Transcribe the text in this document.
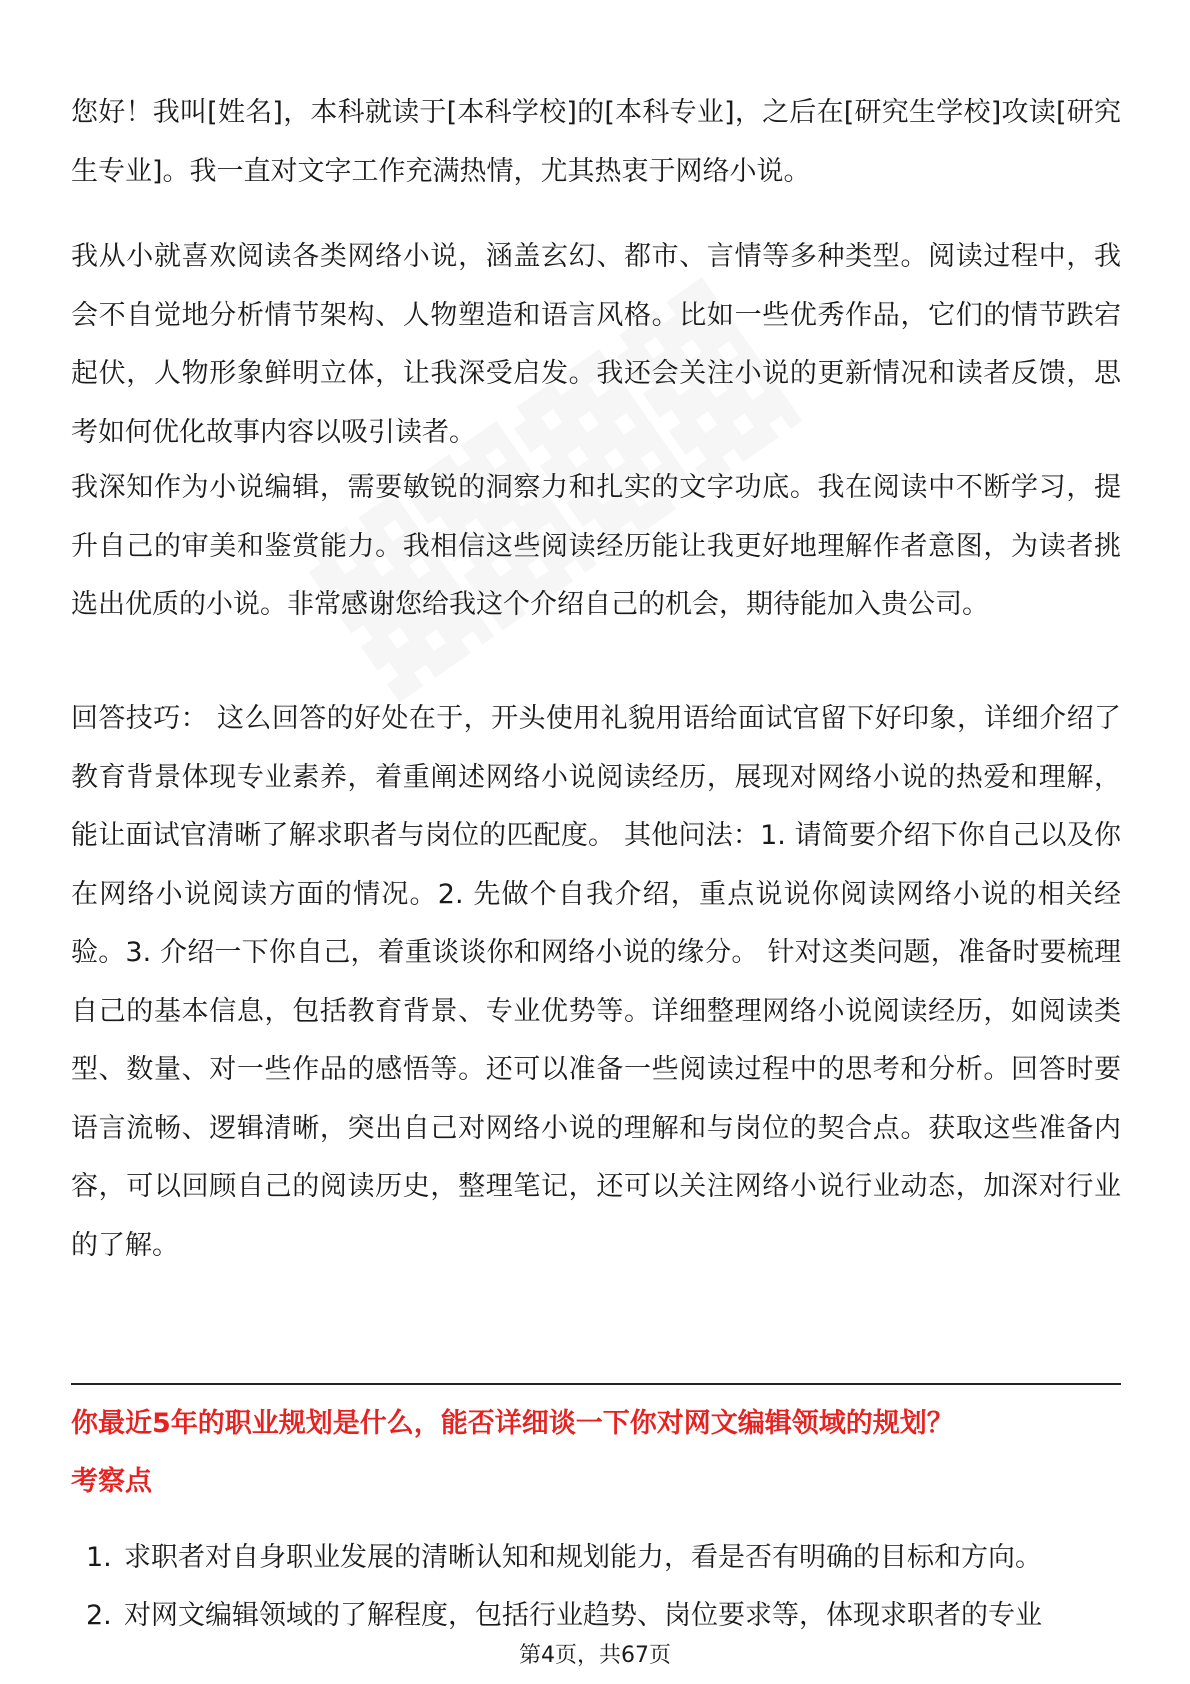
您好！我叫[姓名]，本科就读于[本科学校]的[本科专业]，之后在[研究生学校]攻读[研究生专业]。我一直对文字工作充满热情，尤其热衷于网络小说。

我从小就喜欢阅读各类网络小说，涵盖玄幻、都市、言情等多种类型。阅读过程中，我会不自觉地分析情节架构、人物塑造和语言风格。比如一些优秀作品，它们的情节跌宕起伏，人物形象鲜明立体，让我深受启发。我还会关注小说的更新情况和读者反馈，思考如何优化故事内容以吸引读者。

我深知作为小说编辑，需要敏锐的洞察力和扎实的文字功底。我在阅读中不断学习，提升自己的审美和鉴赏能力。我相信这些阅读经历能让我更好地理解作者意图，为读者挑选出优质的小说。非常感谢您给我这个介绍自己的机会，期待能加入贵公司。

回答技巧： 这么回答的好处在于，开头使用礼貌用语给面试官留下好印象，详细介绍了教育背景体现专业素养，着重阐述网络小说阅读经历，展现对网络小说的热爱和理解，能让面试官清晰了解求职者与岗位的匹配度。 其他问法：1. 请简要介绍下你自己以及你在网络小说阅读方面的情况。2. 先做个自我介绍，重点说说你阅读网络小说的相关经验。3. 介绍一下你自己，着重谈谈你和网络小说的缘分。 针对这类问题，准备时要梳理自己的基本信息，包括教育背景、专业优势等。详细整理网络小说阅读经历，如阅读类型、数量、对一些作品的感悟等。还可以准备一些阅读过程中的思考和分析。回答时要语言流畅、逻辑清晰，突出自己对网络小说的理解和与岗位的契合点。获取这些准备内容，可以回顾自己的阅读历史，整理笔记，还可以关注网络小说行业动态，加深对行业的了解。

你最近5年的职业规划是什么，能否详细谈一下你对网文编辑领域的规划？
考察点
1. 求职者对自身职业发展的清晰认知和规划能力，看是否有明确的目标和方向。
2. 对网文编辑领域的了解程度，包括行业趋势、岗位要求等，体现求职者的专业
第4页，共67页
